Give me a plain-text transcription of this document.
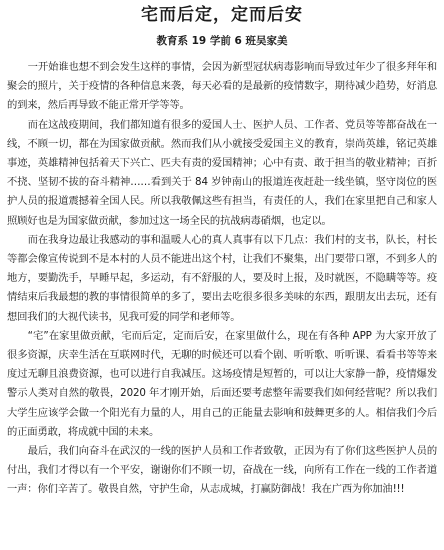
宅而后定，定而后安
教育系 19 学前 6 班吴家美

一开始谁也想不到会发生这样的事情，会因为新型冠状病毒影响而导致过年少了很多拜年和聚会的照片，关于疫情的各种信息来袭，每天必看的是最新的疫情数字，期待减少趋势，好消息的到来，然后再导致不能正常开学等等。

而在这战疫期间，我们都知道有很多的爱国人士、医护人员、工作者、党员等等都奋战在一线，不顾一切，都在为国家做贡献。然而我们从小就接受爱国主义的教育，崇尚英雄，铭记英雄事迹，英雄精神包括着天下兴亡、匹夫有责的爱国精神；心中有责、敢于担当的敬业精神；百折不挠、坚韧不拔的奋斗精神……看到关于 84 岁钟南山的报道连夜赶赴一线坐镇，坚守岗位的医护人员的报道震撼着全国人民。所以我敬佩这些有担当，有责任的人，我们在家里把自己和家人照顾好也是为国家做贡献，参加过这一场全民的抗战病毒硝烟，也定以。

而在我身边最让我感动的事和温暖人心的真人真事有以下几点：我们村的支书，队长，村长等都会像宣传说到不是本村的人员不能进出这个村，让我们不聚集，出门要带口罩，不到多人的地方，要勤洗手，早睡早起，多运动，有不舒服的人，要及时上报，及时就医，不隐瞒等等。疫情结束后我最想的教的事情很简单的多了，要出去吃很多很多美味的东西，跟朋友出去玩，还有想回我们的大视代读书，见我可爱的同学和老师等。

“宅”在家里做贡献，宅而后定，定而后安，在家里做什么，现在有各种 APP 为大家开放了很多资源，庆幸生活在互联网时代，无聊的时候还可以看个剧、听听歌、听听课、看看书等等来度过无聊且浪费资源，也可以进行自我减压。这场疫情是短暂的，可以让大家静一静，疫情爆发警示人类对自然的敬畏，2020 年才刚开始，后面还要考虑整年需要我们如何经营呢？所以我们大学生应该学会做一个阳光有力量的人，用自己的正能量去影响和鼓舞更多的人。相信我们今后的正面勇敢，将成就中国的未来。

最后，我们向奋斗在武汉的一线的医护人员和工作者致敬，正因为有了你们这些医护人员的付出，我们才得以有一个平安，谢谢你们不顾一切，奋战在一线，向所有工作在一线的工作者道一声：你们辛苦了。敬畏自然，守护生命，从志成城，打赢防御战！我在广西为你加油!!!
